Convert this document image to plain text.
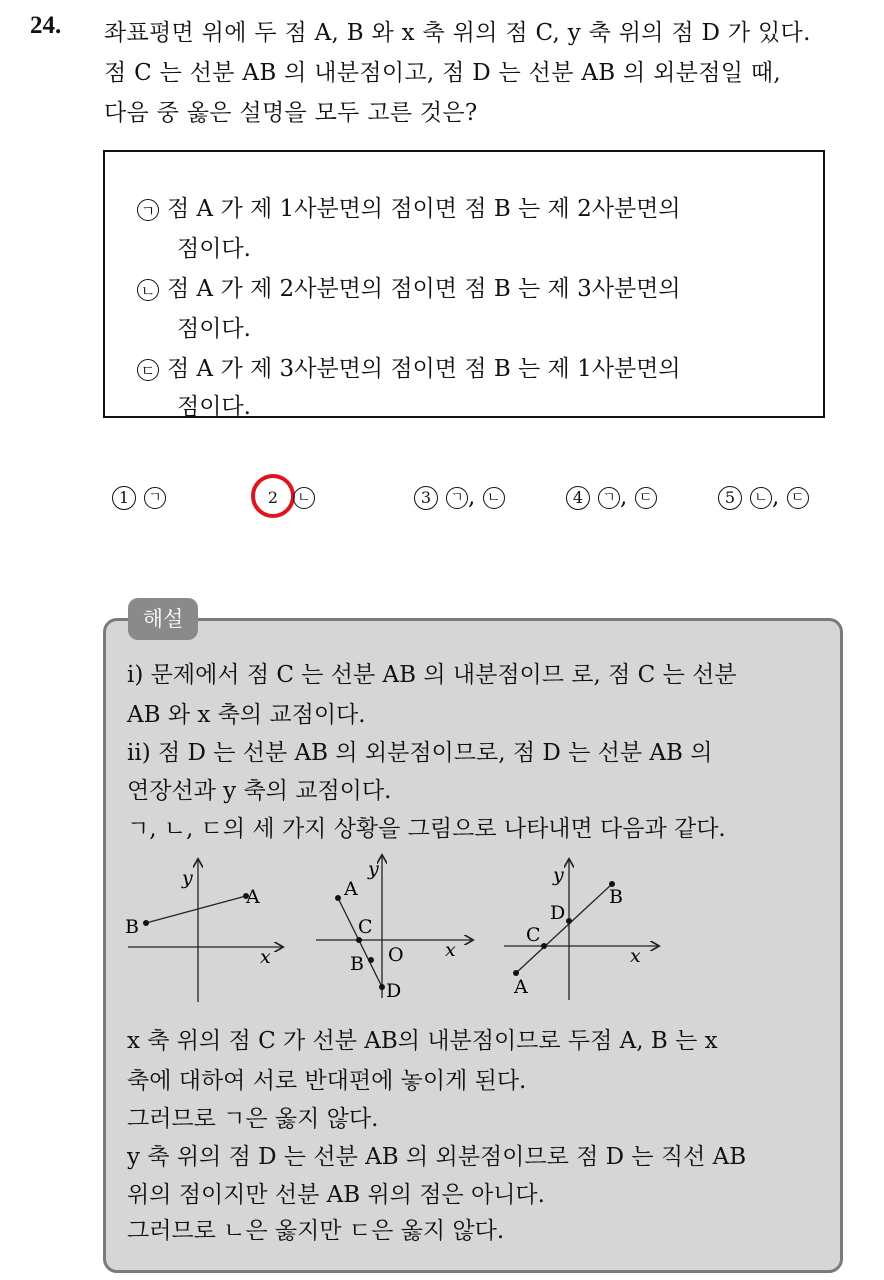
24. 좌표평면 위에 두 점 A, B 와 x 축 위의 점 C, y 축 위의 점 D 가 있다.
점 C 는 선분 AB 의 내분점이고, 점 D 는 선분 AB 의 외분점일 때,
다음 중 옳은 설명을 모두 고른 것은?
ㄱ 점 A 가 제 1사분면의 점이면 점 B 는 제 2사분면의
점이다.
ㄴ 점 A 가 제 2사분면의 점이면 점 B 는 제 3사분면의
점이다.
ㄷ 점 A 가 제 3사분면의 점이면 점 B 는 제 1사분면의
점이다.
1 ㄱ	2 ㄴ	3 ㄱ , ㄴ	4 ㄱ , ㄷ	5 ㄴ , ㄷ
해설
ⅰ) 문제에서 점 C 는 선분 AB 의 내분점이므 로, 점 C 는 선분
AB 와 x 축의 교점이다.
ⅱ) 점 D 는 선분 AB 의 외분점이므로, 점 D 는 선분 AB 의
연장선과 y 축의 교점이다.
ㄱ, ㄴ, ㄷ의 세 가지 상황을 그림으로 나타내면 다음과 같다.
A
B
y
x
A
C
B
D
O
y
x
A
C
D
B
y
x
x 축 위의 점 C 가 선분 AB의 내분점이므로 두점 A, B 는 x
축에 대하여 서로 반대편에 놓이게 된다.
그러므로 ㄱ은 옳지 않다.
y 축 위의 점 D 는 선분 AB 의 외분점이므로 점 D 는 직선 AB
위의 점이지만 선분 AB 위의 점은 아니다.
그러므로 ㄴ은 옳지만 ㄷ은 옳지 않다.
